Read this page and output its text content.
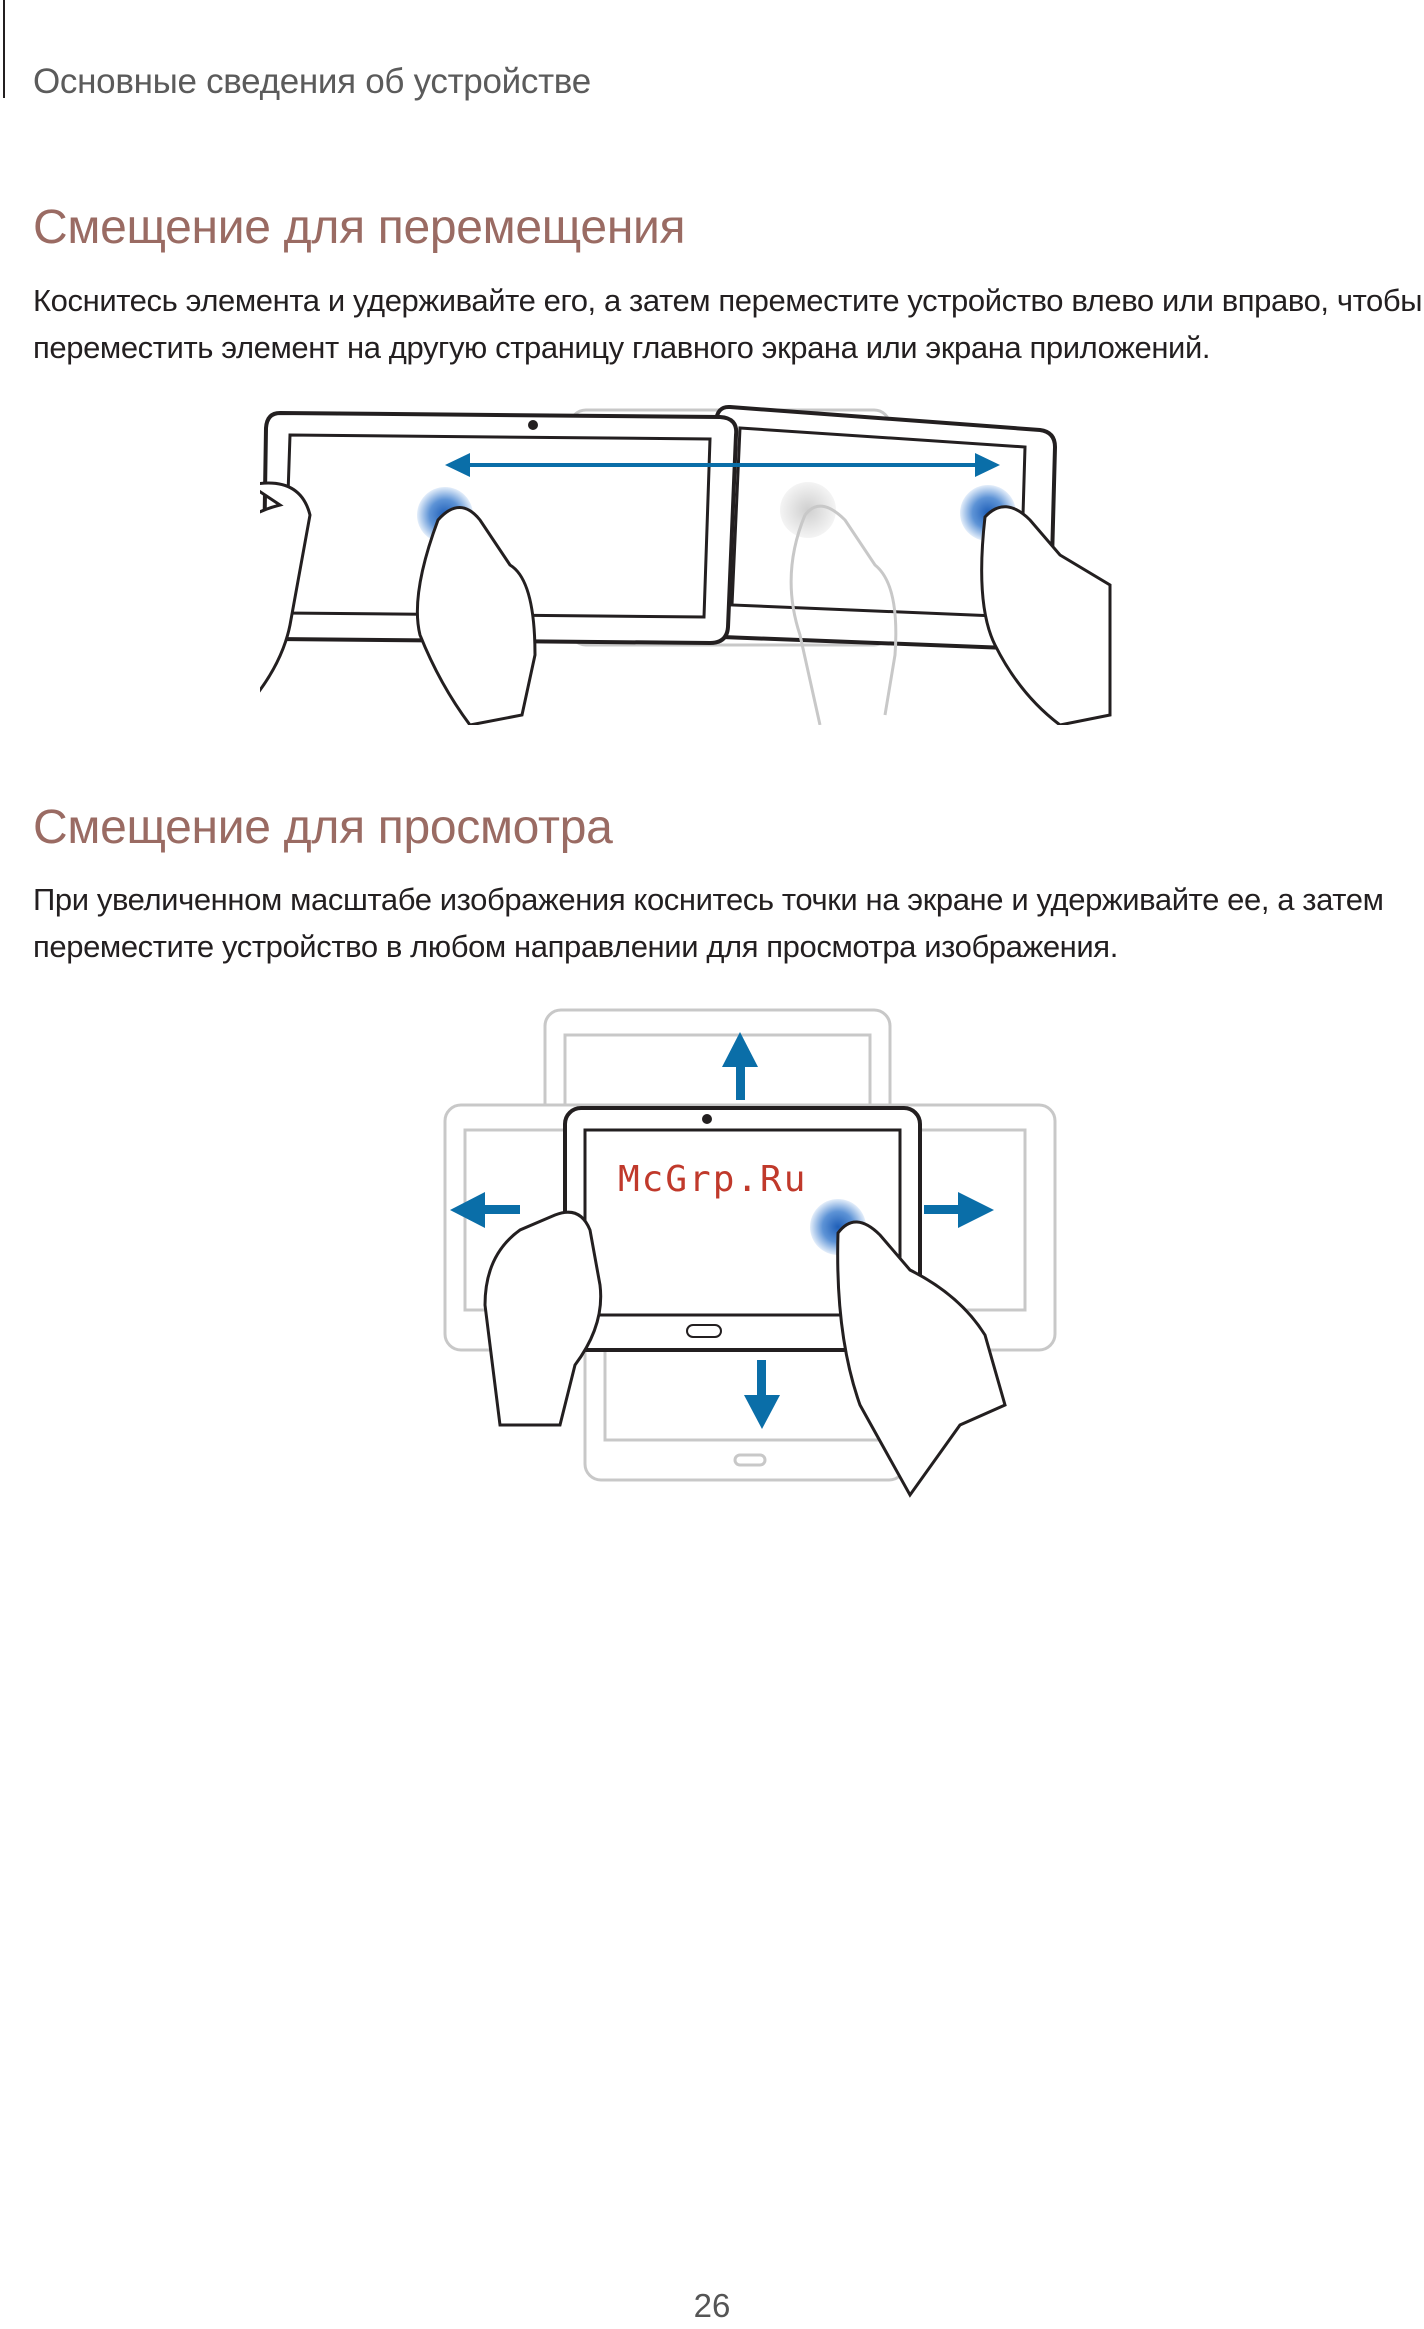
Основные сведения об устройстве
Смещение для перемещения
Коснитесь элемента и удерживайте его, а затем переместите устройство влево или вправо, чтобы
переместить элемент на другую страницу главного экрана или экрана приложений.
Смещение для просмотра
При увеличенном масштабе изображения коснитесь точки на экране и удерживайте ее, а затем
переместите устройство в любом направлении для просмотра изображения.
McGrp.Ru
26
